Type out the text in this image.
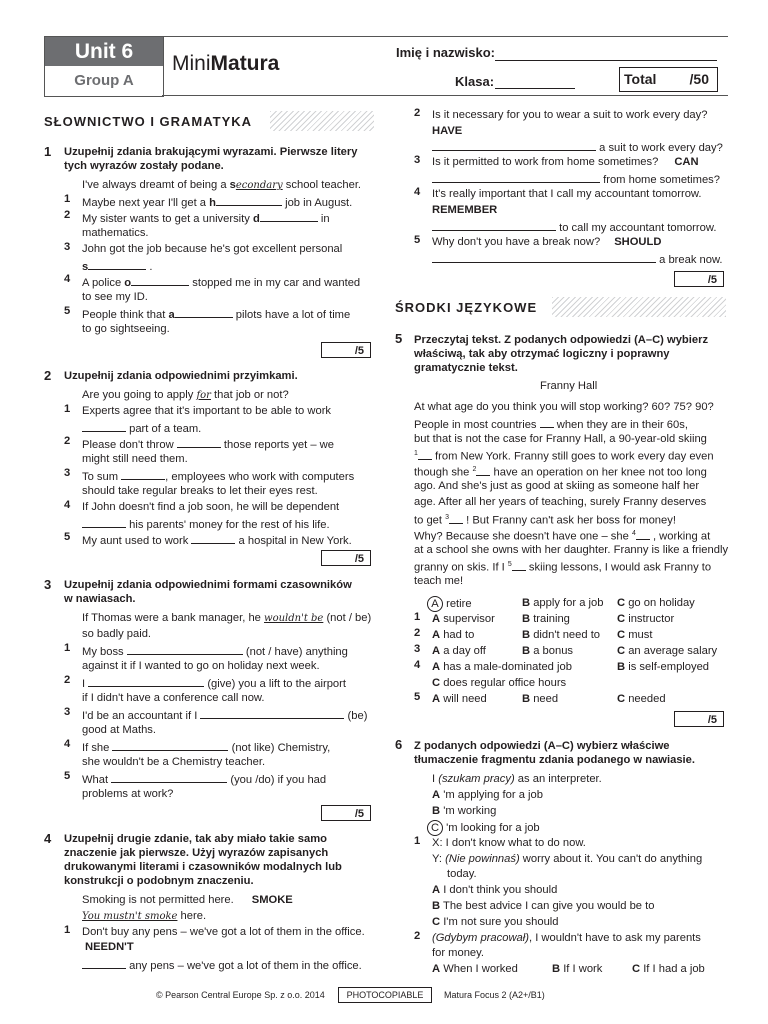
Unit 6
Group A
MiniMatura	Imię i nazwisko:
Klasa:	Total /50
SŁOWNICTWO I GRAMATYKA
1 Uzupełnij zdania brakującymi wyrazami. Pierwsze litery
tych wyrazów zostały podane.
I've always dreamt of being a secondary school teacher.
1 Maybe next year I'll get a h	job in August.
2 My sister wants to get a university d	in
mathematics.
3 John got the job because he's got excellent personal
s	.
4 A police o	stopped me in my car and wanted
to see my ID.
5 People think that a	pilots have a lot of time
to go sightseeing.
/5
2 Uzupełnij zdania odpowiednimi przyimkami.
Are you going to apply for that job or not?
1 Experts agree that it's important to be able to work
part of a team.
2 Please don't throw	those reports yet – we
might still need them.
3 To sum	, employees who work with computers
should take regular breaks to let their eyes rest.
4 If John doesn't find a job soon, he will be dependent
his parents' money for the rest of his life.
5 My aunt used to work	a hospital in New York.
/5
3 Uzupełnij zdania odpowiednimi formami czasowników
w nawiasach.
If Thomas were a bank manager, he wouldn't be (not / be)
so badly paid.
1 My boss	(not / have) anything
against it if I wanted to go on holiday next week.
2 I	(give) you a lift to the airport
if I didn't have a conference call now.
3 I'd be an accountant if I	(be)
good at Maths.
4 If she	(not like) Chemistry,
she wouldn't be a Chemistry teacher.
5 What	(you /do) if you had
problems at work?
/5
4 Uzupełnij drugie zdanie, tak aby miało takie samo
znaczenie jak pierwsze. Użyj wyrazów zapisanych
drukowanymi literami i czasowników modalnych lub
konstrukcji o podobnym znaczeniu.
Smoking is not permitted here. SMOKE
You mustn't smoke here.
1 Don't buy any pens – we've got a lot of them in the office.
NEEDN'T
any pens – we've got a lot of them in the office.
2 Is it necessary for you to wear a suit to work every day?
HAVE
a suit to work every day?
3 Is it permitted to work from home sometimes? CAN
from home sometimes?
4 It's really important that I call my accountant tomorrow.
REMEMBER
to call my accountant tomorrow.
5 Why don't you have a break now? SHOULD
a break now.
/5
ŚRODKI JĘZYKOWE
5 Przeczytaj tekst. Z podanych odpowiedzi (A–C) wybierz
właściwą, tak aby otrzymać logiczny i poprawny
gramatycznie tekst.
Franny Hall
At what age do you think you will stop working? 60? 75? 90?
People in most countries  when they are in their 60s,
but that is not the case for Franny Hall, a 90-year-old skiing
$^1$ from New York. Franny still goes to work every day even
though she $^2$ have an operation on her knee not too long
ago. And she's just as good at skiing as someone half her
age. After all her years of teaching, surely Franny deserves
to get $^3$ ! But Franny can't ask her boss for money!
Why? Because she doesn't have one – she $^4$ , working at
at a school she owns with her daughter. Franny is like a friendly
granny on skis. If I $^5$ skiing lessons, I would ask Franny to
teach me!
A retire	B apply for a job C go on holiday
1 A supervisor B training	C instructor
2 A had to	B didn't need to C must
3 A a day off	B a bonus	C an average salary
4 A has a male-dominated job	B is self-employed
C does regular office hours
5 A will need	B need	C needed
/5
6 Z podanych odpowiedzi (A–C) wybierz właściwe
tłumaczenie fragmentu zdania podanego w nawiasie.
I (szukam pracy) as an interpreter.
A 'm applying for a job
B 'm working
C 'm looking for a job
1 X: I don't know what to do now.
Y: (Nie powinnaś) worry about it. You can't do anything
today.
A I don't think you should
B The best advice I can give you would be to
C I'm not sure you should
2 (Gdybym pracował), I wouldn't have to ask my parents
for money.
A When I worked	B If I work	C If I had a job
© Pearson Central Europe Sp. z o.o. 2014	PHOTOCOPIABLE	Matura Focus 2 (A2+/B1)
